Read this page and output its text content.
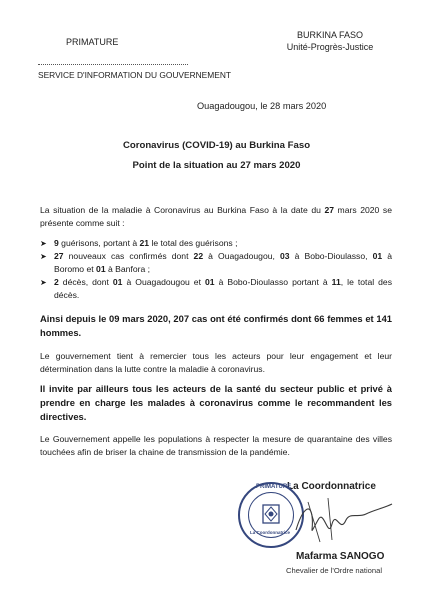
PRIMATURE
BURKINA FASO
Unité-Progrès-Justice
SERVICE D'INFORMATION DU GOUVERNEMENT
Ouagadougou, le 28 mars 2020
Coronavirus (COVID-19) au Burkina Faso
Point de la situation au 27 mars 2020
La situation de la maladie à Coronavirus au Burkina Faso à la date du 27 mars 2020 se présente comme suit :
➤ 9 guérisons, portant à 21 le total des guérisons ;
➤ 27 nouveaux cas confirmés dont 22 à Ouagadougou, 03 à Bobo-Dioulasso, 01 à Boromo et 01 à Banfora ;
➤ 2 décès, dont 01 à Ouagadougou et 01 à Bobo-Dioulasso portant à 11, le total des décès.
Ainsi depuis le 09 mars 2020, 207 cas ont été confirmés dont 66 femmes et 141 hommes.
Le gouvernement tient à remercier tous les acteurs pour leur engagement et leur détermination dans la lutte contre la maladie à coronavirus.
Il invite par ailleurs tous les acteurs de la santé du secteur public et privé à prendre en charge les malades à coronavirus comme le recommandent les directives.
Le Gouvernement appelle les populations à respecter la mesure de quarantaine des villes touchées afin de briser la chaine de transmission de la pandémie.
La Coordonnatrice
PRIMATURE
La Coordonnatrice
Mafarma SANOGO
Chevalier de l'Ordre national
